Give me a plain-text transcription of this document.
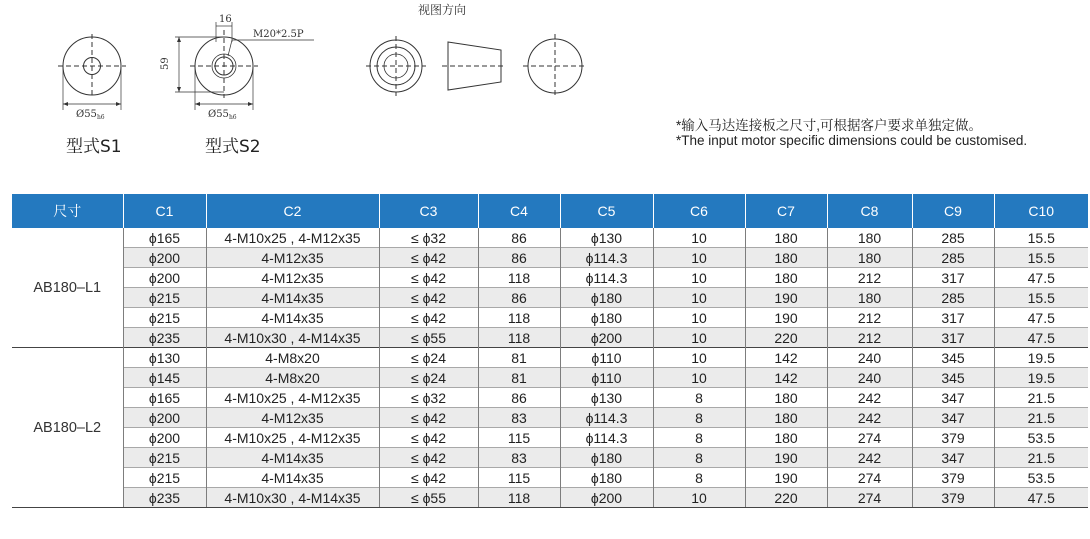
16
M20*2.5P
59
$Ø55_{h6}$	$Ø55_{h6}$
型式S1	型式S2
视图方向
*输入马达连接板之尺寸,可根据客户要求单独定做。
*The input motor specific dimensions could be customised.
尺寸	C1	C2	C3	C4	C5	C6	C7	C8	C9	C10
AB180–L1	ϕ165	4-M10x25 , 4-M12x35	≤ ϕ32	86	ϕ130	10	180	180	285	15.5
	ϕ200	4-M12x35	≤ ϕ42	86	ϕ114.3	10	180	180	285	15.5
	ϕ200	4-M12x35	≤ ϕ42	118	ϕ114.3	10	180	212	317	47.5
	ϕ215	4-M14x35	≤ ϕ42	86	ϕ180	10	190	180	285	15.5
	ϕ215	4-M14x35	≤ ϕ42	118	ϕ180	10	190	212	317	47.5
	ϕ235	4-M10x30 , 4-M14x35	≤ ϕ55	118	ϕ200	10	220	212	317	47.5
AB180–L2	ϕ130	4-M8x20	≤ ϕ24	81	ϕ110	10	142	240	345	19.5
	ϕ145	4-M8x20	≤ ϕ24	81	ϕ110	10	142	240	345	19.5
	ϕ165	4-M10x25 , 4-M12x35	≤ ϕ32	86	ϕ130	8	180	242	347	21.5
	ϕ200	4-M12x35	≤ ϕ42	83	ϕ114.3	8	180	242	347	21.5
	ϕ200	4-M10x25 , 4-M12x35	≤ ϕ42	115	ϕ114.3	8	180	274	379	53.5
	ϕ215	4-M14x35	≤ ϕ42	83	ϕ180	8	190	242	347	21.5
	ϕ215	4-M14x35	≤ ϕ42	115	ϕ180	8	190	274	379	53.5
	ϕ235	4-M10x30 , 4-M14x35	≤ ϕ55	118	ϕ200	10	220	274	379	47.5
